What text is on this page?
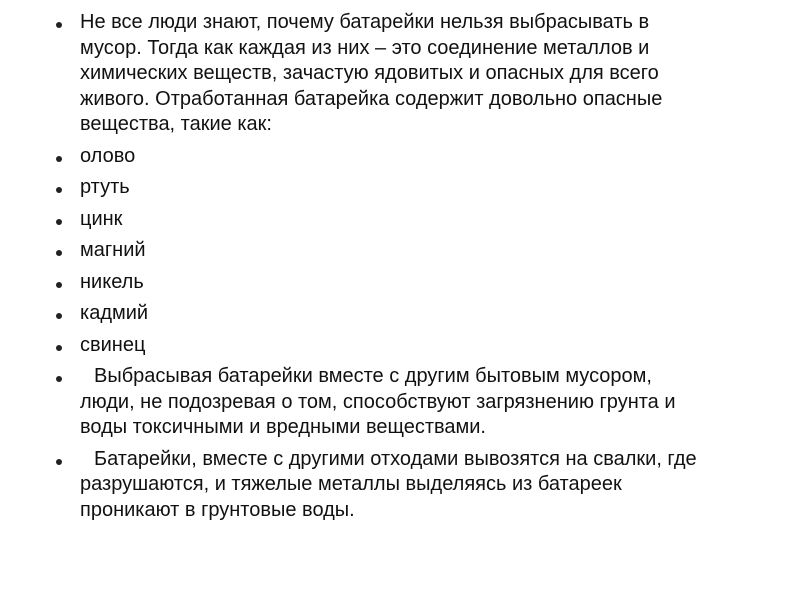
Не все люди знают, почему батарейки нельзя выбрасывать в
мусор. Тогда как каждая из них – это соединение металлов и
химических веществ, зачастую ядовитых и опасных для всего
живого. Отработанная батарейка содержит довольно опасные
вещества, такие как:
олово
ртуть
цинк
магний
никель
кадмий
свинец
Выбрасывая батарейки вместе с другим бытовым мусором,
люди, не подозревая о том, способствуют загрязнению грунта и
воды токсичными и вредными веществами.
Батарейки, вместе с другими отходами вывозятся на свалки, где
разрушаются, и тяжелые металлы выделяясь из батареек
проникают в грунтовые воды.
